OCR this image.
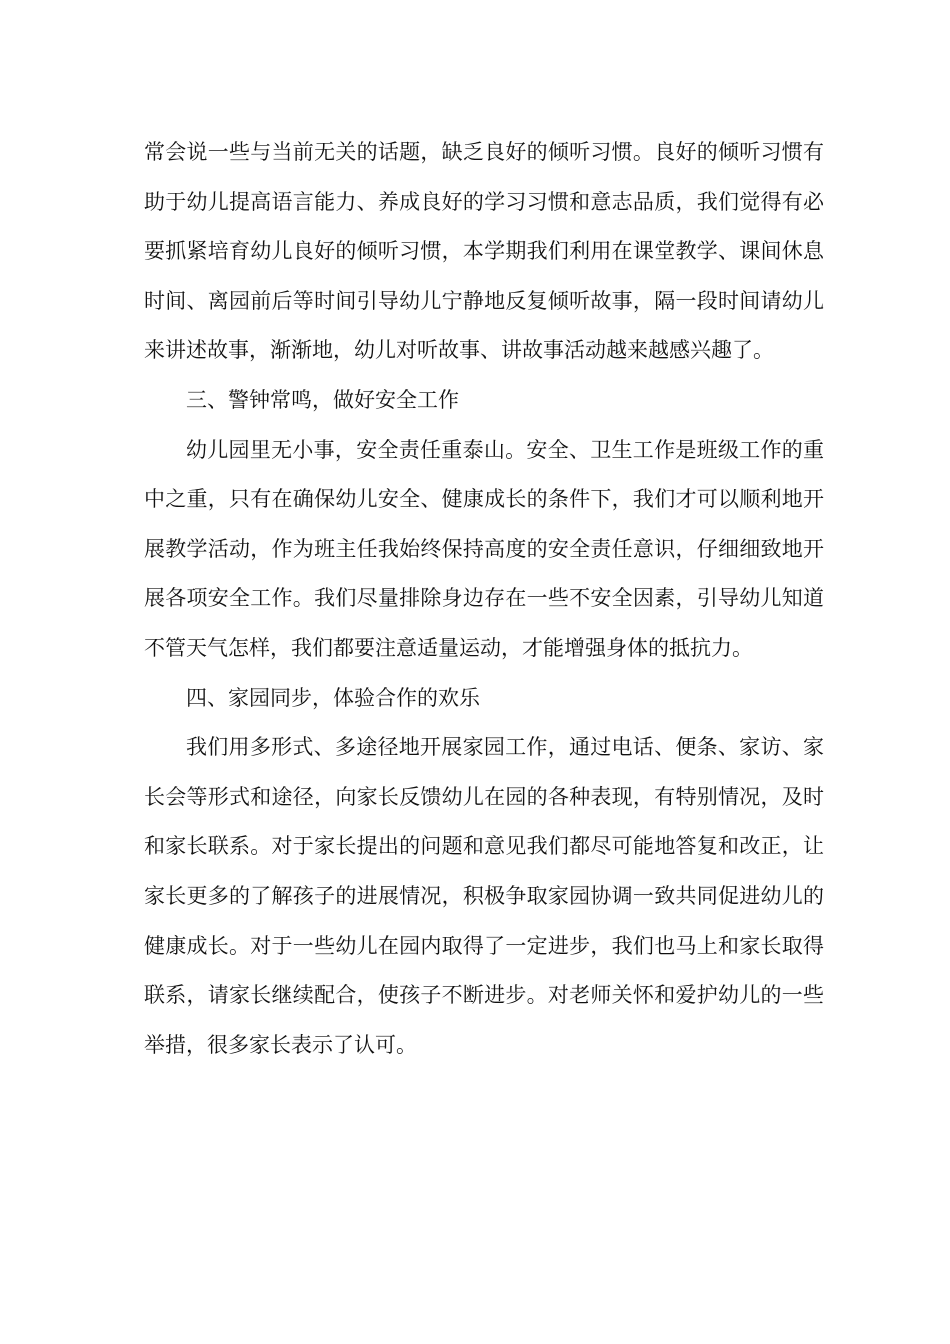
常会说一些与当前无关的话题，缺乏良好的倾听习惯。良好的倾听习惯有助于幼儿提高语言能力、养成良好的学习习惯和意志品质，我们觉得有必要抓紧培育幼儿良好的倾听习惯，本学期我们利用在课堂教学、课间休息时间、离园前后等时间引导幼儿宁静地反复倾听故事，隔一段时间请幼儿来讲述故事，渐渐地，幼儿对听故事、讲故事活动越来越感兴趣了。

三、警钟常鸣，做好安全工作

幼儿园里无小事，安全责任重泰山。安全、卫生工作是班级工作的重中之重，只有在确保幼儿安全、健康成长的条件下，我们才可以顺利地开展教学活动，作为班主任我始终保持高度的安全责任意识，仔细细致地开展各项安全工作。我们尽量排除身边存在一些不安全因素，引导幼儿知道不管天气怎样，我们都要注意适量运动，才能增强身体的抵抗力。

四、家园同步，体验合作的欢乐

我们用多形式、多途径地开展家园工作，通过电话、便条、家访、家长会等形式和途径，向家长反馈幼儿在园的各种表现，有特别情况，及时和家长联系。对于家长提出的问题和意见我们都尽可能地答复和改正，让家长更多的了解孩子的进展情况，积极争取家园协调一致共同促进幼儿的健康成长。对于一些幼儿在园内取得了一定进步，我们也马上和家长取得联系，请家长继续配合，使孩子不断进步。对老师关怀和爱护幼儿的一些举措，很多家长表示了认可。
